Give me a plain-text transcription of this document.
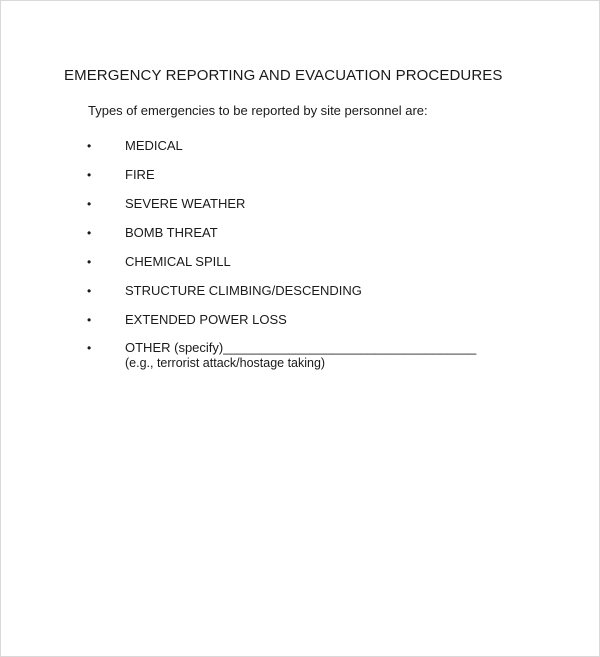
EMERGENCY REPORTING AND EVACUATION PROCEDURES
Types of emergencies to be reported by site personnel are:
•	MEDICAL
•	FIRE
•	SEVERE WEATHER
•	BOMB THREAT
•	CHEMICAL SPILL
•	STRUCTURE CLIMBING/DESCENDING
•	EXTENDED POWER LOSS
•	OTHER (specify)___________________________________
(e.g., terrorist attack/hostage taking)
